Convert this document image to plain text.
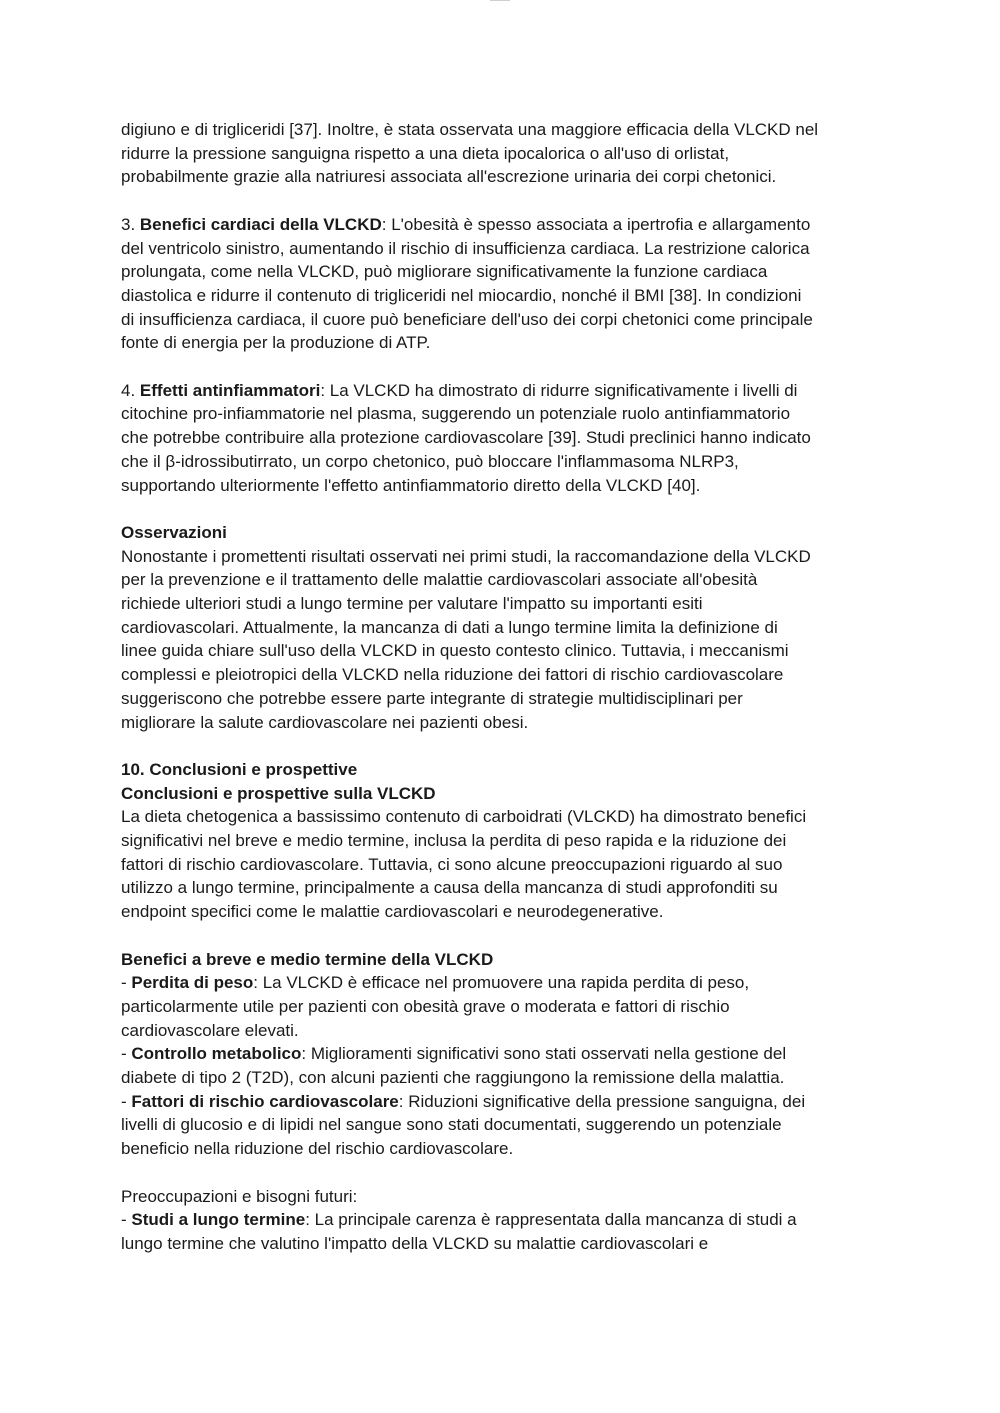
digiuno e di trigliceridi [37]. Inoltre, è stata osservata una maggiore efficacia della VLCKD nel
ridurre la pressione sanguigna rispetto a una dieta ipocalorica o all'uso di orlistat,
probabilmente grazie alla natriuresi associata all'escrezione urinaria dei corpi chetonici.

3. Benefici cardiaci della VLCKD: L'obesità è spesso associata a ipertrofia e allargamento
del ventricolo sinistro, aumentando il rischio di insufficienza cardiaca. La restrizione calorica
prolungata, come nella VLCKD, può migliorare significativamente la funzione cardiaca
diastolica e ridurre il contenuto di trigliceridi nel miocardio, nonché il BMI [38]. In condizioni
di insufficienza cardiaca, il cuore può beneficiare dell'uso dei corpi chetonici come principale
fonte di energia per la produzione di ATP.

4. Effetti antinfiammatori: La VLCKD ha dimostrato di ridurre significativamente i livelli di
citochine pro-infiammatorie nel plasma, suggerendo un potenziale ruolo antinfiammatorio
che potrebbe contribuire alla protezione cardiovascolare [39]. Studi preclinici hanno indicato
che il β-idrossibutirrato, un corpo chetonico, può bloccare l'inflammasoma NLRP3,
supportando ulteriormente l'effetto antinfiammatorio diretto della VLCKD [40].

Osservazioni
Nonostante i promettenti risultati osservati nei primi studi, la raccomandazione della VLCKD
per la prevenzione e il trattamento delle malattie cardiovascolari associate all'obesità
richiede ulteriori studi a lungo termine per valutare l'impatto su importanti esiti
cardiovascolari. Attualmente, la mancanza di dati a lungo termine limita la definizione di
linee guida chiare sull'uso della VLCKD in questo contesto clinico. Tuttavia, i meccanismi
complessi e pleiotropici della VLCKD nella riduzione dei fattori di rischio cardiovascolare
suggeriscono che potrebbe essere parte integrante di strategie multidisciplinari per
migliorare la salute cardiovascolare nei pazienti obesi.

10. Conclusioni e prospettive
Conclusioni e prospettive sulla VLCKD
La dieta chetogenica a bassissimo contenuto di carboidrati (VLCKD) ha dimostrato benefici
significativi nel breve e medio termine, inclusa la perdita di peso rapida e la riduzione dei
fattori di rischio cardiovascolare. Tuttavia, ci sono alcune preoccupazioni riguardo al suo
utilizzo a lungo termine, principalmente a causa della mancanza di studi approfonditi su
endpoint specifici come le malattie cardiovascolari e neurodegenerative.

Benefici a breve e medio termine della VLCKD
- Perdita di peso: La VLCKD è efficace nel promuovere una rapida perdita di peso,
particolarmente utile per pazienti con obesità grave o moderata e fattori di rischio
cardiovascolare elevati.
- Controllo metabolico: Miglioramenti significativi sono stati osservati nella gestione del
diabete di tipo 2 (T2D), con alcuni pazienti che raggiungono la remissione della malattia.
- Fattori di rischio cardiovascolare: Riduzioni significative della pressione sanguigna, dei
livelli di glucosio e di lipidi nel sangue sono stati documentati, suggerendo un potenziale
beneficio nella riduzione del rischio cardiovascolare.
Preoccupazioni e bisogni futuri:
- Studi a lungo termine: La principale carenza è rappresentata dalla mancanza di studi a
lungo termine che valutino l'impatto della VLCKD su malattie cardiovascolari e
